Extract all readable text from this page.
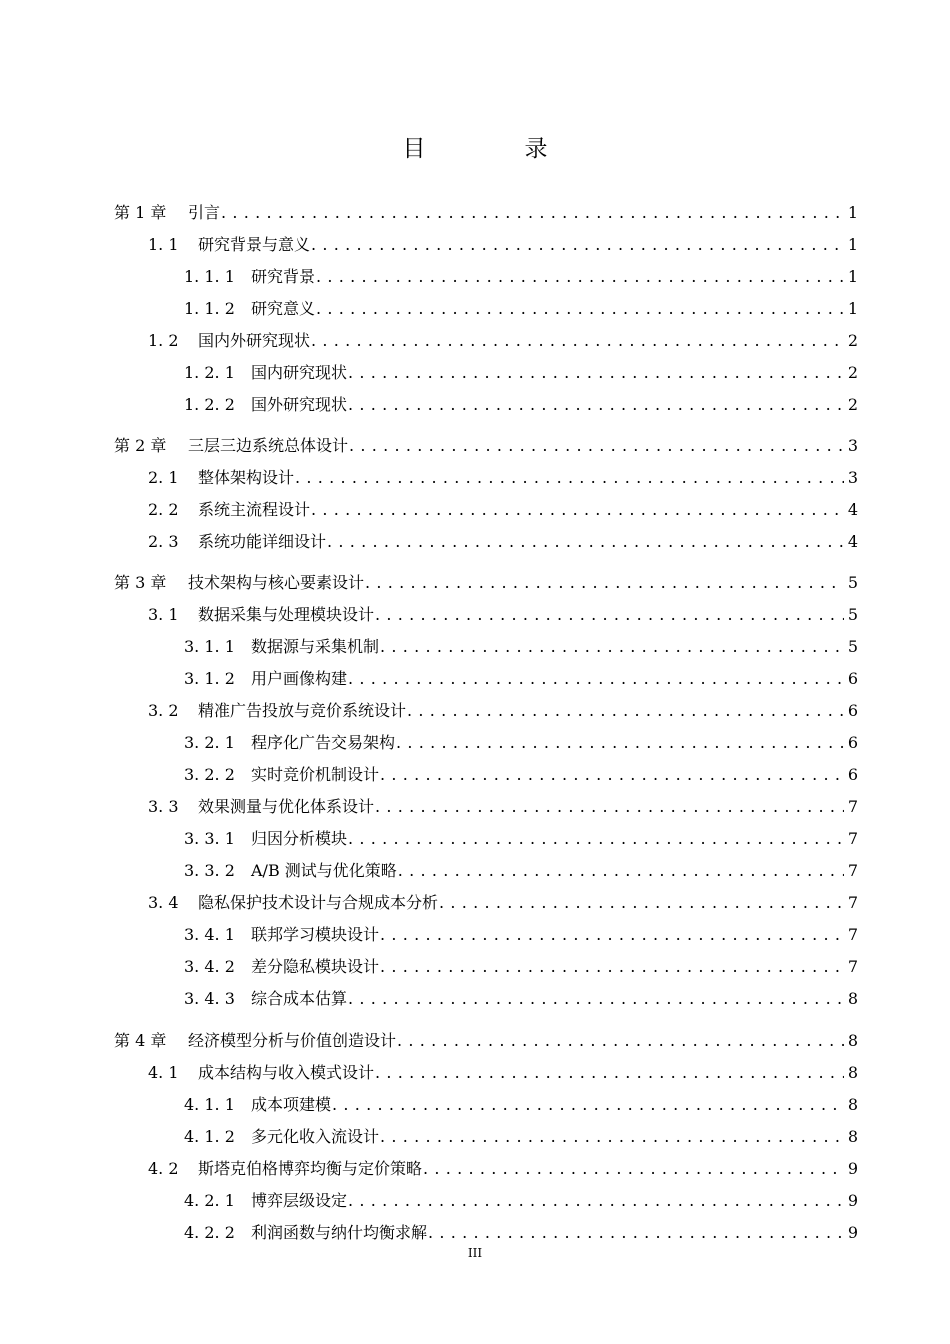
目　录
第 1 章	引言 . . .	1
1. 1	研究背景与意义 . . .	1
1. 1. 1	研究背景 . . .	1
1. 1. 2	研究意义 . . .	1
1. 2	国内外研究现状 . . .	2
1. 2. 1	国内研究现状 . . .	2
1. 2. 2	国外研究现状 . . .	2
第 2 章	三层三边系统总体设计 . . .	3
2. 1	整体架构设计 . . .	3
2. 2	系统主流程设计 . . .	4
2. 3	系统功能详细设计 . . .	4
第 3 章	技术架构与核心要素设计 . . .	5
3. 1	数据采集与处理模块设计 . . .	5
3. 1. 1	数据源与采集机制 . . .	5
3. 1. 2	用户画像构建 . . .	6
3. 2	精准广告投放与竞价系统设计 . . .	6
3. 2. 1	程序化广告交易架构 . . .	6
3. 2. 2	实时竞价机制设计 . . .	6
3. 3	效果测量与优化体系设计 . . .	7
3. 3. 1	归因分析模块 . . .	7
3. 3. 2	A/B 测试与优化策略 . . .	7
3. 4	隐私保护技术设计与合规成本分析 . . .	7
3. 4. 1	联邦学习模块设计 . . .	7
3. 4. 2	差分隐私模块设计 . . .	7
3. 4. 3	综合成本估算 . . .	8
第 4 章	经济模型分析与价值创造设计 . . .	8
4. 1	成本结构与收入模式设计 . . .	8
4. 1. 1	成本项建模 . . .	8
4. 1. 2	多元化收入流设计 . . .	8
4. 2	斯塔克伯格博弈均衡与定价策略 . . .	9
4. 2. 1	博弈层级设定 . . .	9
4. 2. 2	利润函数与纳什均衡求解 . . .	9
III
